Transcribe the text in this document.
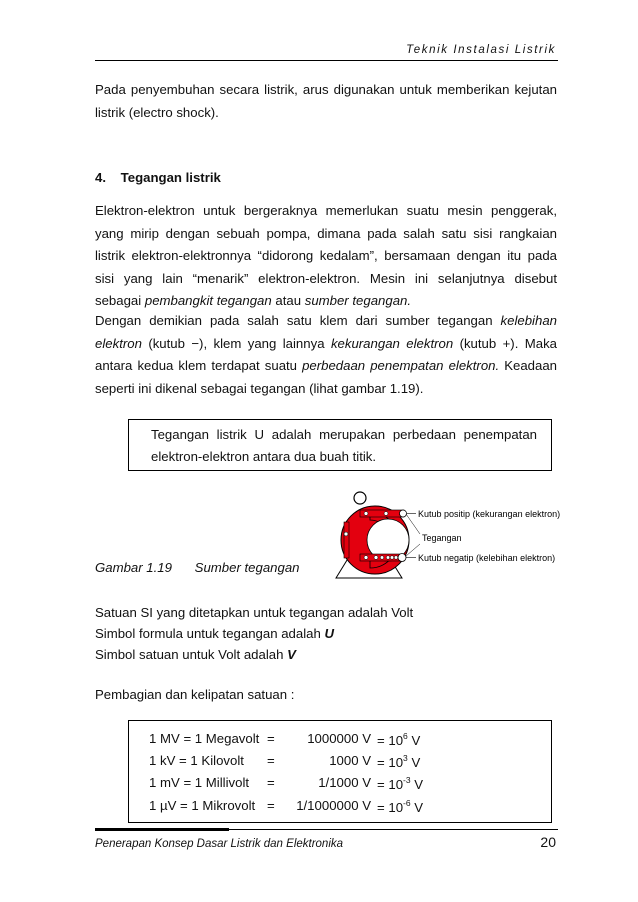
Teknik Instalasi Listrik

Pada penyembuhan secara listrik, arus digunakan untuk memberikan kejutan listrik (electro shock).

4. Tegangan listrik

Elektron-elektron untuk bergeraknya memerlukan suatu mesin penggerak, yang mirip dengan sebuah pompa, dimana pada salah satu sisi rangkaian listrik elektron-elektronnya “didorong kedalam”, bersamaan dengan itu pada sisi yang lain “menarik” elektron-elektron. Mesin ini selanjutnya disebut sebagai pembangkit tegangan atau sumber tegangan.

Dengan demikian pada salah satu klem dari sumber tegangan kelebihan elektron (kutub −), klem yang lainnya kekurangan elektron (kutub +). Maka antara kedua klem terdapat suatu perbedaan penempatan elektron. Keadaan seperti ini dikenal sebagai tegangan (lihat gambar 1.19).

Tegangan listrik U adalah merupakan perbedaan penempatan
elektron-elektron antara dua buah titik.
Kutub positip (kekurangan elektron)
Tegangan
Kutub negatip (kelebihan elektron)
Gambar 1.19 Sumber tegangan
Satuan SI yang ditetapkan untuk tegangan adalah Volt
Simbol formula untuk tegangan adalah U
Simbol satuan untuk Volt adalah V
Pembagian dan kelipatan satuan :
1 MV = 1 Megavolt =	1000000 $V = 10^6$ V
1 kV = 1 Kilovolt =	1000 $V = 10^3$ V
1 mV = 1 Millivolt =	1/1000 $V = 10^{-3}$ V
1 µV = 1 Mikrovolt =	1/1000000 $V = 10^{-6}$ V
Penerapan Konsep Dasar Listrik dan Elektronika	20
